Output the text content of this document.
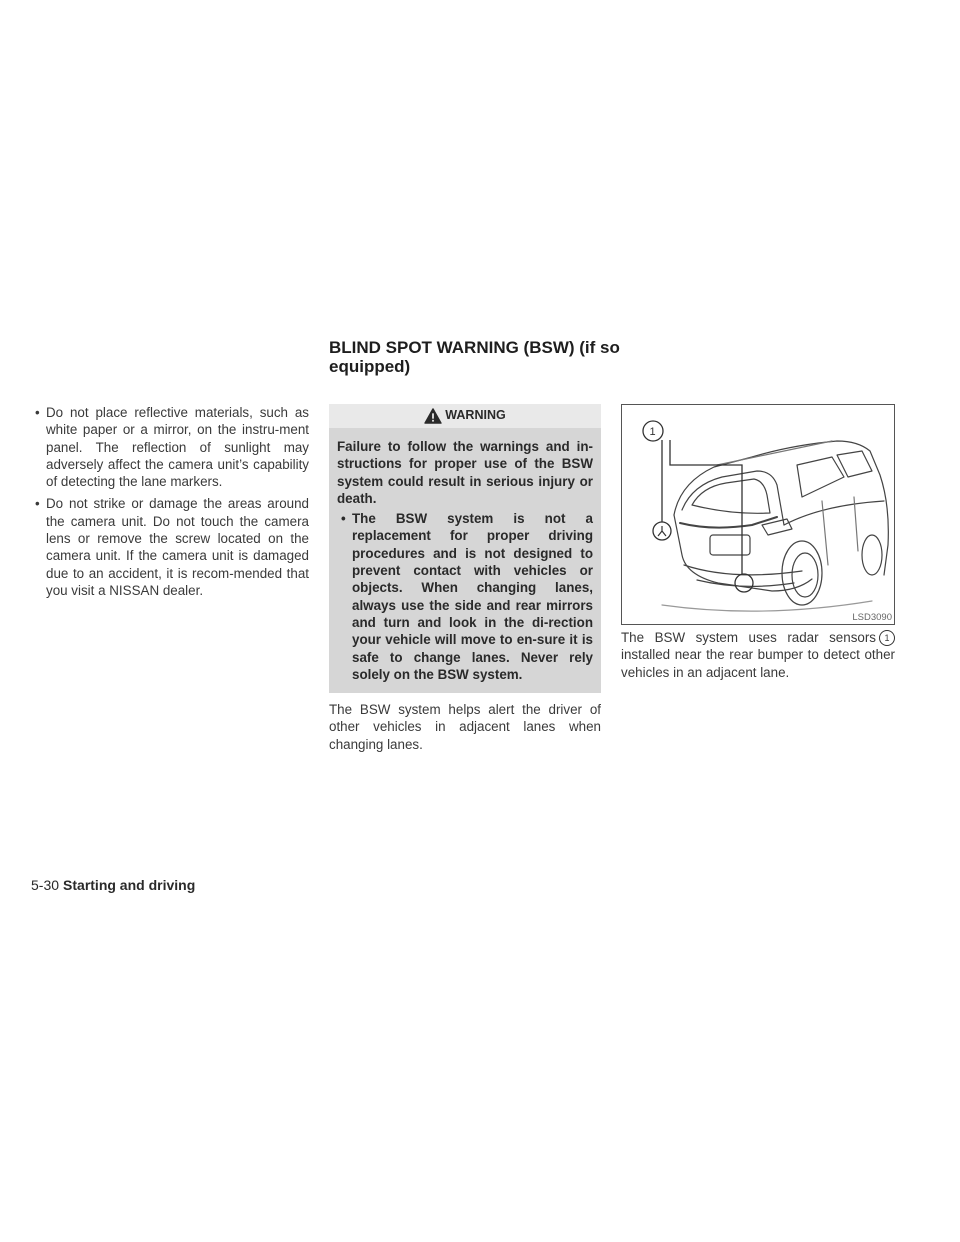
• Do not place reflective materials, such as white paper or a mirror, on the instru-ment panel. The reflection of sunlight may adversely affect the camera unit’s capability of detecting the lane markers.
• Do not strike or damage the areas around the camera unit. Do not touch the camera lens or remove the screw located on the camera unit. If the camera unit is damaged due to an accident, it is recom-mended that you visit a NISSAN dealer.
BLIND SPOT WARNING (BSW) (if so equipped)
WARNING

Failure to follow the warnings and in-structions for proper use of the BSW system could result in serious injury or death.

• The BSW system is not a replacement for proper driving procedures and is not designed to prevent contact with vehicles or objects. When changing lanes, always use the side and rear mirrors and turn and look in the di-rection your vehicle will move to en-sure it is safe to change lanes. Never rely solely on the BSW system.

The BSW system helps alert the driver of other vehicles in adjacent lanes when changing lanes.

1
LSD3090

The BSW system uses radar sensors 1 installed near the rear bumper to detect other vehicles in an adjacent lane.

5-30 Starting and driving
